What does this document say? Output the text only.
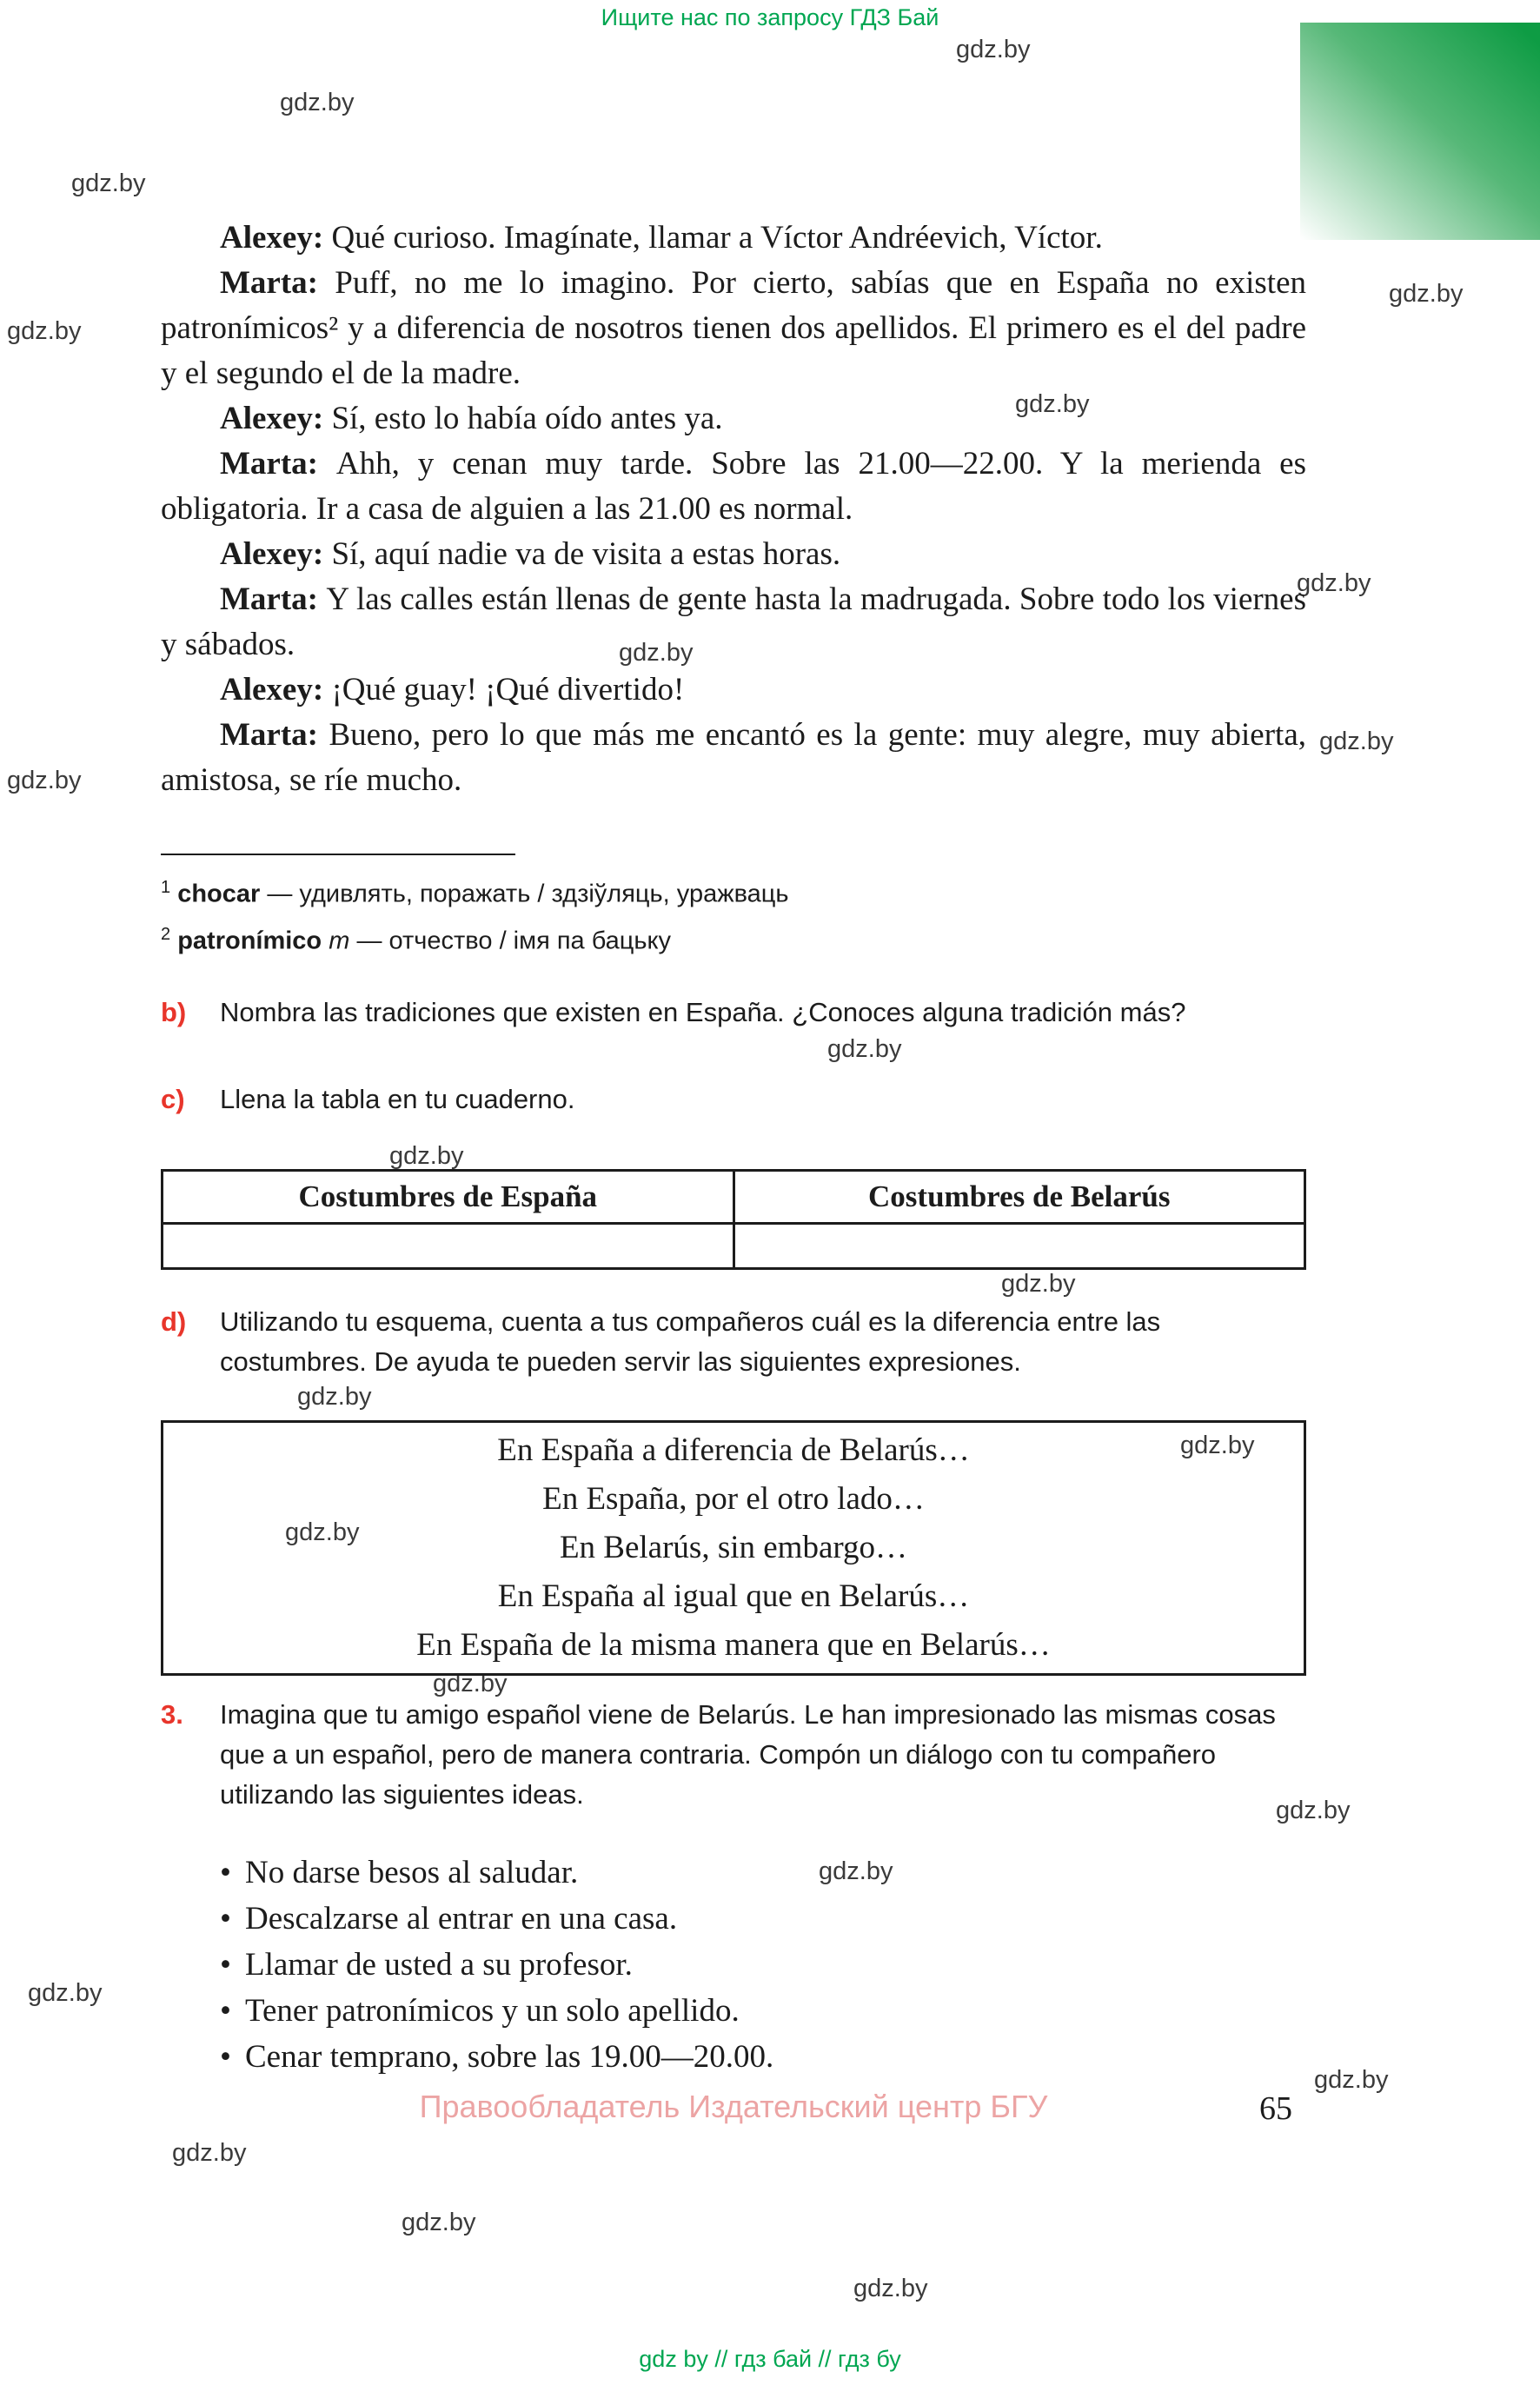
Ищите нас по запросу ГДЗ Бай
gdz.by
gdz.by
gdz.by
gdz.by
gdz.by
gdz.by
gdz.by
gdz.by
gdz.by
gdz.by
gdz.by
gdz.by
gdz.by
gdz.by
gdz.by
gdz.by
gdz.by
gdz.by
gdz.by
gdz.by
gdz.by
gdz.by
gdz.by
gdz.by

Alexey: Qué curioso. Imagínate, llamar a Víctor Andréevich, Víctor.

Marta: Puff, no me lo imagino. Por cierto, sabías que en España no existen patronímicos² y a diferencia de nosotros tienen dos apellidos. El primero es el del padre y el segundo el de la madre.

Alexey: Sí, esto lo había oído antes ya.

Marta: Ahh, y cenan muy tarde. Sobre las 21.00—22.00. Y la merienda es obligatoria. Ir a casa de alguien a las 21.00 es normal.

Alexey: Sí, aquí nadie va de visita a estas horas.

Marta: Y las calles están llenas de gente hasta la madrugada. Sobre todo los viernes y sábados.

Alexey: ¡Qué guay! ¡Qué divertido!

Marta: Bueno, pero lo que más me encantó es la gente: muy alegre, muy abierta, amistosa, se ríe mucho.

$^1$ chocar — удивлять, поражать / здзіўляць, уражваць

$^2$ patronímico m — отчество / імя па бацьку

b)	Nombra las tradiciones que existen en España. ¿Conoces alguna tradición más?
c)	Llena la tabla en tu cuaderno.
Costumbres de España	Costumbres de Belarús

d)	Utilizando tu esquema, cuenta a tus compañeros cuál es la diferencia entre las costumbres. De ayuda te pueden servir las siguientes expresiones.
En España a diferencia de Belarús…
En España, por el otro lado…
En Belarús, sin embargo…
En España al igual que en Belarús…
En España de la misma manera que en Belarús…
3.	Imagina que tu amigo español viene de Belarús. Le han impresionado las mismas cosas que a un español, pero de manera contraria. Compón un diálogo con tu compañero utilizando las siguientes ideas.
• No darse besos al saludar.
• Descalzarse al entrar en una casa.
• Llamar de usted a su profesor.
• Tener patronímicos y un solo apellido.
• Cenar temprano, sobre las 19.00—20.00.
Правообладатель Издательский центр БГУ	65
gdz by // гдз бай // гдз бу
